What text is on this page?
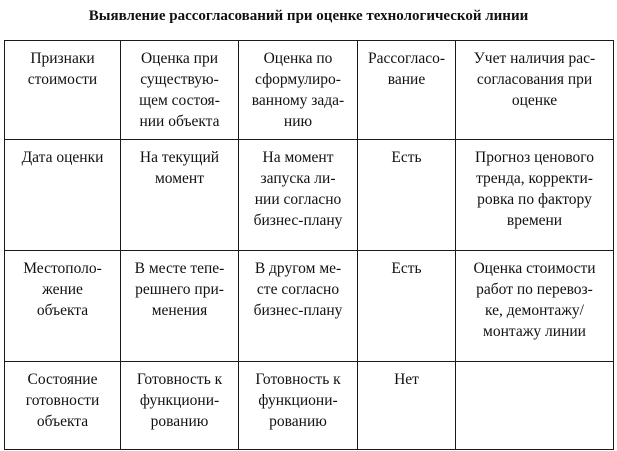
Выявление рассогласований при оценке технологической линии
Признаки
стоимости	Оценка при
существую-
щем состоя-
нии объекта	Оценка по
сформулиро-
ванному зада-
нию	Рассогласо-
вание	Учет наличия рас-
согласования при
оценке
Дата оценки	На текущий
момент	На момент
запуска ли-
нии согласно
бизнес-плану	Есть	Прогноз ценового
тренда, корректи-
ровка по фактору
времени
Местополо-
жение
объекта	В месте тепе-
решнего при-
менения	В другом ме-
сте согласно
бизнес-плану	Есть	Оценка стоимости
работ по перевоз-
ке, демонтажу/
монтажу линии
Состояние
готовности
объекта	Готовность к
функциони-
рованию	Готовность к
функциони-
рованию	Нет	
